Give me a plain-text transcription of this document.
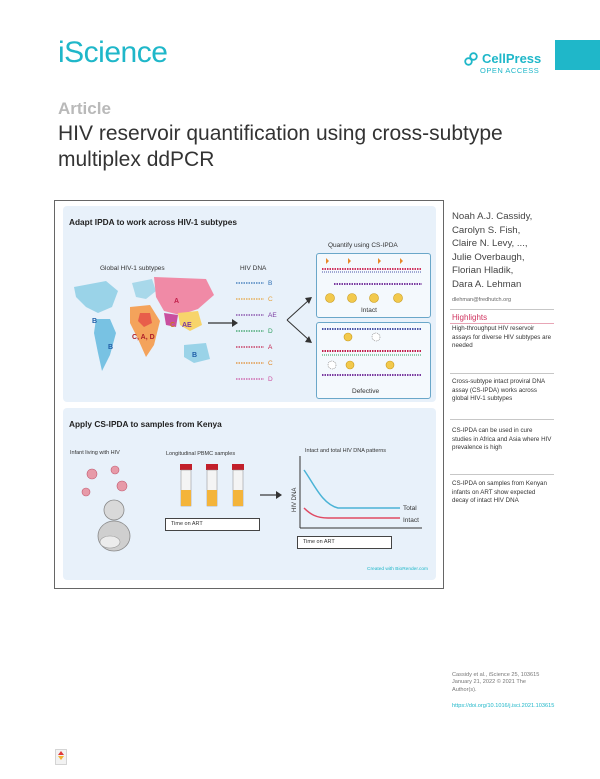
iScience	CellPress
OPEN ACCESS
Article
HIV reservoir quantification using cross-subtype multiplex ddPCR
Noah A.J. Cassidy,
Carolyn S. Fish,
Claire N. Levy, ...,
Julie Overbaugh,
Florian Hladik,
Dara A. Lehman
dlehman@fredhutch.org
Highlights
High-throughput HIV reservoir assays for diverse HIV subtypes are needed
Cross-subtype intact proviral DNA assay (CS-IPDA) works across global HIV-1 subtypes
CS-IPDA can be used in cure studies in Africa and Asia where HIV prevalence is high
CS-IPDA on samples from Kenyan infants on ART show expected decay of intact HIV DNA
Cassidy et al., iScience 25, 103615
January 21, 2022 © 2021 The Author(s).
https://doi.org/10.1016/j.isci.2021.103615
Adapt IPDA to work across HIV-1 subtypes
Global HIV-1 subtypes	HIV DNA
Quantify using CS-IPDA
A
B
C AE
C, A, D
B
B
B
C
AE
D
A
C
D
Intact
Defective
Apply CS-IPDA to samples from Kenya
Infant living with HIV	Longitudinal PBMC samples	Intact and total HIV DNA patterns
Time on ART
HIV DNA	Total
Intact
Time on ART
Created with BioRender.com
